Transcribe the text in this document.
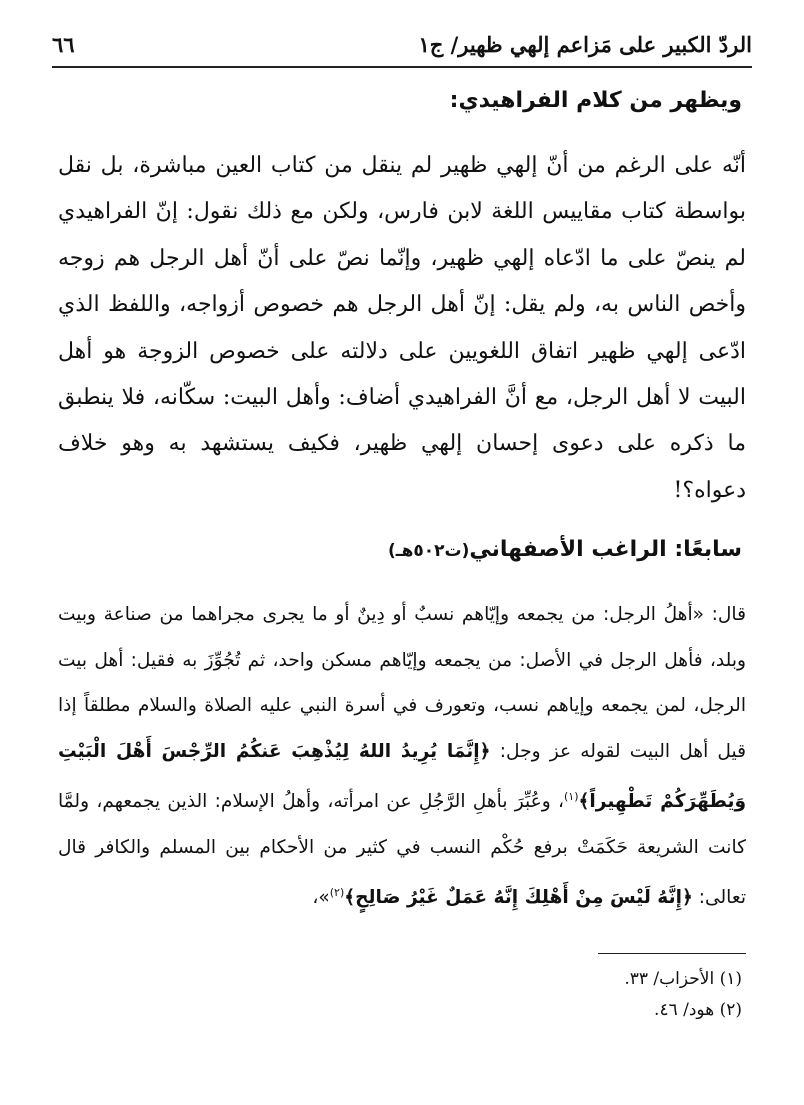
الردّ الكبير على مَزاعم إلهي ظهير/ ج١
٦٦
ويظهر من كلام الفراهيدي:

أنّه على الرغم من أنّ إلهي ظهير لم ينقل من كتاب العين مباشرة، بل نقل بواسطة كتاب مقاييس اللغة لابن فارس، ولكن مع ذلك نقول: إنّ الفراهيدي لم ينصّ على ما ادّعاه إلهي ظهير، وإنّما نصّ على أنّ أهل الرجل هم زوجه وأخص الناس به، ولم يقل: إنّ أهل الرجل هم خصوص أزواجه، واللفظ الذي ادّعى إلهي ظهير اتفاق اللغويين على دلالته على خصوص الزوجة هو أهل البيت لا أهل الرجل، مع أنَّ الفراهيدي أضاف: وأهل البيت: سكّانه، فلا ينطبق ما ذكره على دعوى إحسان إلهي ظهير، فكيف يستشهد به وهو خلاف دعواه؟!

سابعًا: الراغب الأصفهاني(ت٥٠٢هـ)

قال: «أهلُ الرجل: من يجمعه وإيّاهم نسبٌ أو دِينٌ أو ما يجرى مجراهما من صناعة وبيت وبلد، فأهل الرجل في الأصل: من يجمعه وإيّاهم مسكن واحد، ثم تُجُوِّزَ به فقيل: أهل بيت الرجل، لمن يجمعه وإياهم نسب، وتعورف في أسرة النبي عليه الصلاة والسلام مطلقاً إذا قيل أهل البيت لقوله عز وجل: ﴿إِنَّمَا يُرِيدُ اللهُ لِيُذْهِبَ عَنكُمُ الرِّجْسَ أَهْلَ الْبَيْتِ وَيُطَهِّرَكُمْ تَطْهِيراً﴾$^{(١)}$، وعُبِّرَ بأهلِ الرَّجُلِ عن امرأته، وأهلُ الإسلام: الذين يجمعهم، ولمَّا كانت الشريعة حَكَمَتْ برفع حُكْم النسب في كثير من الأحكام بين المسلم والكافر قال تعالى: ﴿إِنَّهُ لَيْسَ مِنْ أَهْلِكَ إِنَّهُ عَمَلٌ غَيْرُ صَالِحٍ﴾$^{(٢)}$»،

(١) الأحزاب/ ٣٣.
(٢) هود/ ٤٦.
